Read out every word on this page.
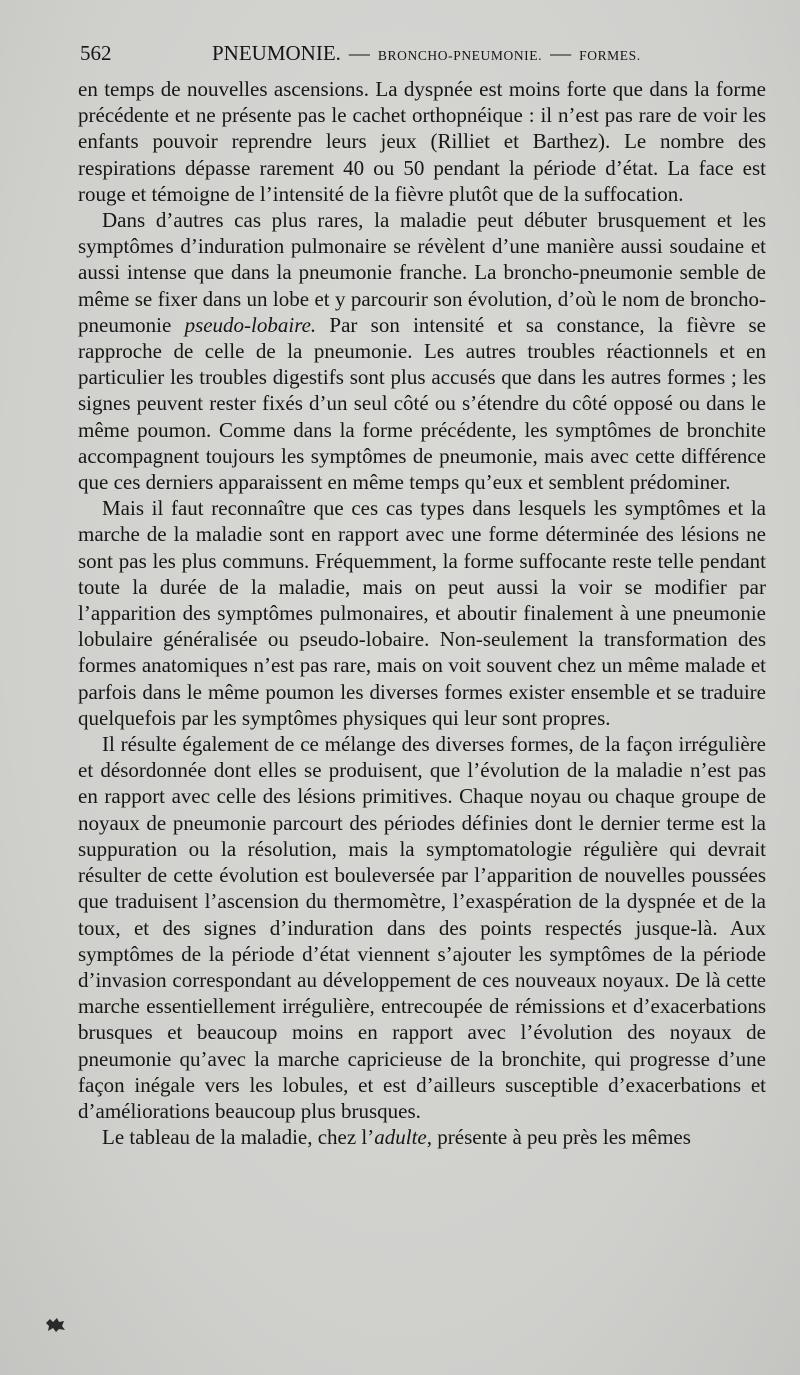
562	PNEUMONIE. — BRONCHO-PNEUMONIE. — FORMES.

en temps de nouvelles ascensions. La dyspnée est moins forte que dans la forme précédente et ne présente pas le cachet orthopnéique : il n’est pas rare de voir les enfants pouvoir reprendre leurs jeux (Rilliet et Barthez). Le nombre des respirations dépasse rarement 40 ou 50 pendant la période d’état. La face est rouge et témoigne de l’intensité de la fièvre plutôt que de la suffocation.

Dans d’autres cas plus rares, la maladie peut débuter brusquement et les symptômes d’induration pulmonaire se révèlent d’une manière aussi soudaine et aussi intense que dans la pneumonie franche. La broncho-pneumonie semble de même se fixer dans un lobe et y parcourir son évolution, d’où le nom de broncho-pneumonie pseudo-lobaire. Par son intensité et sa constance, la fièvre se rapproche de celle de la pneumonie. Les autres troubles réactionnels et en particulier les troubles digestifs sont plus accusés que dans les autres formes ; les signes peuvent rester fixés d’un seul côté ou s’étendre du côté opposé ou dans le même poumon. Comme dans la forme précédente, les symptômes de bronchite accompagnent toujours les symptômes de pneumonie, mais avec cette différence que ces derniers apparaissent en même temps qu’eux et semblent prédominer.

Mais il faut reconnaître que ces cas types dans lesquels les symptômes et la marche de la maladie sont en rapport avec une forme déterminée des lésions ne sont pas les plus communs. Fréquemment, la forme suffocante reste telle pendant toute la durée de la maladie, mais on peut aussi la voir se modifier par l’apparition des symptômes pulmonaires, et aboutir finalement à une pneumonie lobulaire généralisée ou pseudo-lobaire. Non-seulement la transformation des formes anatomiques n’est pas rare, mais on voit souvent chez un même malade et parfois dans le même poumon les diverses formes exister ensemble et se traduire quelquefois par les symptômes physiques qui leur sont propres.

Il résulte également de ce mélange des diverses formes, de la façon irrégulière et désordonnée dont elles se produisent, que l’évolution de la maladie n’est pas en rapport avec celle des lésions primitives. Chaque noyau ou chaque groupe de noyaux de pneumonie parcourt des périodes définies dont le dernier terme est la suppuration ou la résolution, mais la symptomatologie régulière qui devrait résulter de cette évolution est bouleversée par l’apparition de nouvelles poussées que traduisent l’ascension du thermomètre, l’exaspération de la dyspnée et de la toux, et des signes d’induration dans des points respectés jusque-là. Aux symptômes de la période d’état viennent s’ajouter les symptômes de la période d’invasion correspondant au développement de ces nouveaux noyaux. De là cette marche essentiellement irrégulière, entrecoupée de rémissions et d’exacerbations brusques et beaucoup moins en rapport avec l’évolution des noyaux de pneumonie qu’avec la marche capricieuse de la bronchite, qui progresse d’une façon inégale vers les lobules, et est d’ailleurs susceptible d’exacerbations et d’améliorations beaucoup plus brusques.

Le tableau de la maladie, chez l’adulte, présente à peu près les mêmes
